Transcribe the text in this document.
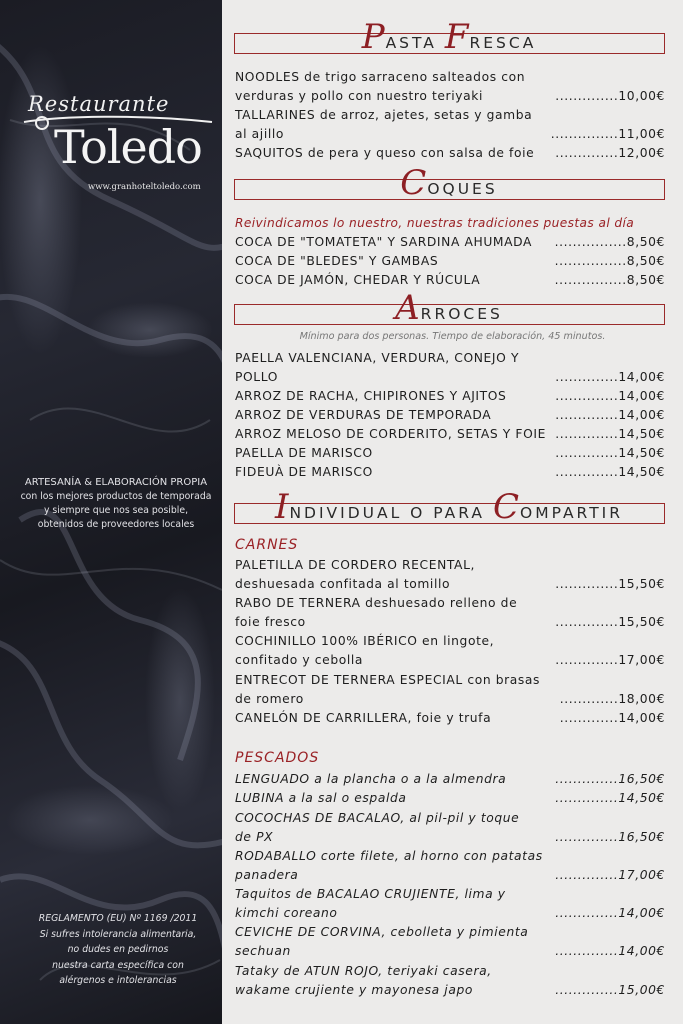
Restaurante
Toledo
www.granhoteltoledo.com
ARTESANÍA & ELABORACIÓN PROPIA
con los mejores productos de temporada
y siempre que nos sea posible,
obtenidos de proveedores locales
REGLAMENTO (EU) Nº 1169 /2011
Si sufres intolerancia alimentaria,
no dudes en pedirnos
nuestra carta específica con
alérgenos e intolerancias
PASTA FRESCA
NOODLES de trigo sarraceno salteados con
verduras y pollo con nuestro teriyaki	..............10,00€
TALLARINES de arroz, ajetes, setas y gamba
al ajillo	...............11,00€
SAQUITOS de pera y queso con salsa de foie	..............12,00€
COQUES
Reivindicamos lo nuestro, nuestras tradiciones puestas al día
COCA DE "TOMATETA" Y SARDINA AHUMADA	................8,50€
COCA DE "BLEDES" Y GAMBAS	................8,50€
COCA DE JAMÓN, CHEDAR Y RÚCULA	................8,50€
ARROCES
Mínimo para dos personas. Tiempo de elaboración, 45 minutos.
PAELLA VALENCIANA, VERDURA, CONEJO Y
POLLO	..............14,00€
ARROZ DE RACHA, CHIPIRONES Y AJITOS	..............14,00€
ARROZ DE VERDURAS DE TEMPORADA	..............14,00€
ARROZ MELOSO DE CORDERITO, SETAS Y FOIE ..............14,50€
PAELLA DE MARISCO	..............14,50€
FIDEUÀ DE MARISCO	..............14,50€
INDIVIDUAL O PARA COMPARTIR
CARNES
PALETILLA DE CORDERO RECENTAL,
deshuesada confitada al tomillo	..............15,50€
RABO DE TERNERA deshuesado relleno de
foie fresco	..............15,50€
COCHINILLO 100% IBÉRICO en lingote,
confitado y cebolla	..............17,00€
ENTRECOT DE TERNERA ESPECIAL con brasas
de romero	.............18,00€
CANELÓN DE CARRILLERA, foie y trufa	.............14,00€
PESCADOS
LENGUADO a la plancha o a la almendra	..............16,50€
LUBINA a la sal o espalda	..............14,50€
COCOCHAS DE BACALAO, al pil-pil y toque
de PX	..............16,50€
RODABALLO corte filete, al horno con patatas
panadera	..............17,00€
Taquitos de BACALAO CRUJIENTE, lima y
kimchi coreano	..............14,00€
CEVICHE DE CORVINA, cebolleta y pimienta
sechuan	..............14,00€
Tataky de ATUN ROJO, teriyaki casera,
wakame crujiente y mayonesa japo	..............15,00€
